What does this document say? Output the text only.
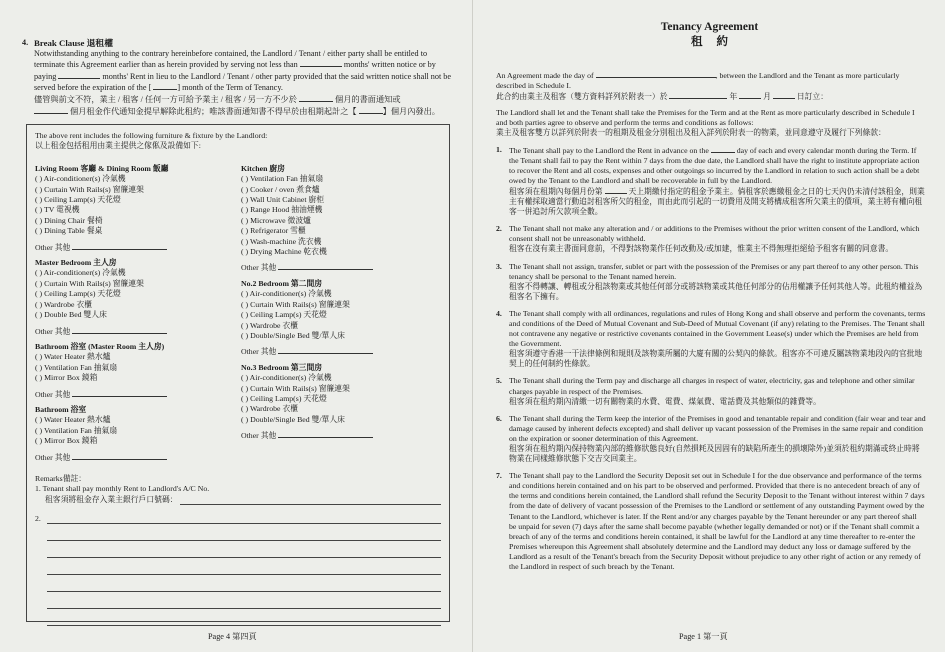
4. Break Clause 退租權
Notwithstanding anything to the contrary hereinbefore contained, the Landlord / Tenant / either party shall be entitled to terminate this Agreement earlier than as herein provided by serving not less than	months' written notice or by paying	months' Rent in lieu to the Landlord / Tenant / other party provided that the said written notice shall not be served before the expiration of the [	] month of the Term of Tenancy.
儘管與前文不符，業主 / 租客 / 任何一方可給予業主 / 租客 / 另一方不少於	個月的書面通知或
個月租金作代通知金提早解除此租約；唯該書面通知書不得早於由租期起計之【	】個月內發出。
The above rent includes the following furniture & fixture by the Landlord:
以上租金包括租用由業主提供之傢俬及設備如下:
Living Room 客廳 & Dining Room 飯廳
( ) Air-conditioner(s) 冷氣機
( ) Curtain With Rails(s) 窗簾連架
( ) Ceiling Lamp(s) 天花燈
( ) TV 電視機
( ) Dining Chair 餐椅
( ) Dining Table 餐桌
Other 其他
Master Bedroom 主人房
( ) Air-conditioner(s) 冷氣機
( ) Curtain With Rails(s) 窗簾連架
( ) Ceiling Lamp(s) 天花燈
( ) Wardrobe 衣櫃
( ) Double Bed 雙人床
Other 其他
Bathroom 浴室 (Master Room 主人房)
( ) Water Heater 熱水爐
( ) Ventilation Fan 抽氣扇
( ) Mirror Box 鏡箱
Other 其他
Bathroom 浴室
( ) Water Heater 熱水爐
( ) Ventilation Fan 抽氣扇
( ) Mirror Box 鏡箱
Other 其他
Kitchen 廚房
( ) Ventilation Fan 抽氣扇
( ) Cooker / oven 煮食爐
( ) Wall Unit Cabinet 廚柜
( ) Range Hood 抽油煙機
( ) Microwave 微波爐
( ) Refrigerator 雪櫃
( ) Wash-machine 洗衣機
( ) Drying Machine 乾衣機
Other 其他
No.2 Bedroom 第二間房
( ) Air-conditioner(s) 冷氣機
( ) Curtain With Rails(s) 窗簾連架
( ) Ceiling Lamp(s) 天花燈
( ) Wardrobe 衣櫃
( ) Double/Single Bed 雙/單人床
Other 其他
No.3 Bedroom 第三間房
( ) Air-conditioner(s) 冷氣機
( ) Curtain With Rails(s) 窗簾連架
( ) Ceiling Lamp(s) 天花燈
( ) Wardrobe 衣櫃
( ) Double/Single Bed 雙/單人床
Other 其他
Remarks備註：
1. Tenant shall pay monthly Rent to Landlord's A/C No.
租客須將租金存入業主銀行戶口號碼：
2.
Page 4 第四頁
Tenancy Agreement
租約

An Agreement made the day of	, between the Landlord and the Tenant as more particularly described in Schedule I.
此合約由業主及租客（雙方資料詳列於附表一）於	年	月	日訂立：

The Landlord shall let and the Tenant shall take the Premises for the Term and at the Rent as more particularly described in Schedule I and both parties agree to observe and perform the terms and conditions as follows:
業主及租客雙方以詳列於附表一的租期及租金分別租出及租入詳列於附表一的物業，並同意遵守及履行下列條款：

1. The Tenant shall pay to the Landlord the Rent in advance on the	day of each and every calendar month during the Term. If the Tenant shall fail to pay the Rent within 7 days from the due date, the Landlord shall have the right to institute appropriate action to recover the Rent and all costs, expenses and other outgoings so incurred by the Landlord in relation to such action shall be a debt owed by the Tenant to the Landlord and shall be recoverable in full by the Landlord.
租客須在租期內每個月份第	天上期繳付指定的租金予業主。倘租客於應繳租金之日的七天內仍未清付該租金，則業主有權採取適當行動追討租客所欠的租金，而由此而引起的一切費用及開支將構成租客所欠業主的債項，業主將有權向租客一併追討所欠款項全數。
2. The Tenant shall not make any alteration and / or additions to the Premises without the prior written consent of the Landlord, which consent shall not be unreasonably withheld.
租客在沒有業主書面同意前，不得對該物業作任何改動及/或加建，惟業主不得無理拒絕給予租客有關的同意書。
3. The Tenant shall not assign, transfer, sublet or part with the possession of the Premises or any part thereof to any other person. This tenancy shall be personal to the Tenant named herein.
租客不得轉讓、轉租或分租該物業或其他任何部分或將該物業或其他任何部分的佔用權讓予任何其他人等。此租約權益為租客名下擁有。
4. The Tenant shall comply with all ordinances, regulations and rules of Hong Kong and shall observe and perform the covenants, terms and conditions of the Deed of Mutual Covenant and Sub-Deed of Mutual Covenant (if any) relating to the Premises. The Tenant shall not contravene any negative or restrictive covenants contained in the Government Lease(s) under which the Premises are held from the Government.
租客須遵守香港一干法律條例和規則及該物業所屬的大廈有關的公契內的條款。租客亦不可違反屬該物業地段內的官批地契上的任何制約性條款。
5. The Tenant shall during the Term pay and discharge all charges in respect of water, electricity, gas and telephone and other similar charges payable in respect of the Premises.
租客須在租約期內清繳一切有關物業的水費、電費、煤氣費、電話費及其他類似的雜費等。
6. The Tenant shall during the Term keep the interior of the Premises in good and tenantable repair and condition (fair wear and tear and damage caused by inherent defects excepted) and shall deliver up vacant possession of the Premises in the same repair and condition on the expiration or sooner determination of this Agreement.
租客須在租約期內保持物業內部的維修狀態良好(自然損耗及因固有的缺陷所產生的損壞除外)並須於租約期滿或終止時將物業在同樣維修狀態下交吉交回業主。
7. The Tenant shall pay to the Landlord the Security Deposit set out in Schedule I for the due observance and performance of the terms and conditions herein contained and on his part to be observed and performed. Provided that there is no antecedent breach of any of the terms and conditions herein contained, the Landlord shall refund the Security Deposit to the Tenant without interest within 7 days from the date of delivery of vacant possession of the Premises to the Landlord or settlement of any outstanding Payment owed by the Tenant to the Landlord, whichever is later. If the Rent and/or any charges payable by the Tenant hereunder or any part thereof shall be unpaid for seven (7) days after the same shall become payable (whether legally demanded or not) or if the Tenant shall commit a breach of any of the terms and conditions herein contained, it shall be lawful for the Landlord at any time thereafter to re-enter the Premises whereupon this Agreement shall absolutely determine and the Landlord may deduct any loss or damage suffered by the Landlord as a result of the Tenant's breach from the Security Deposit without prejudice to any other right of action or any remedy of the Landlord in respect of such breach by the Tenant.
Page 1 第一頁
